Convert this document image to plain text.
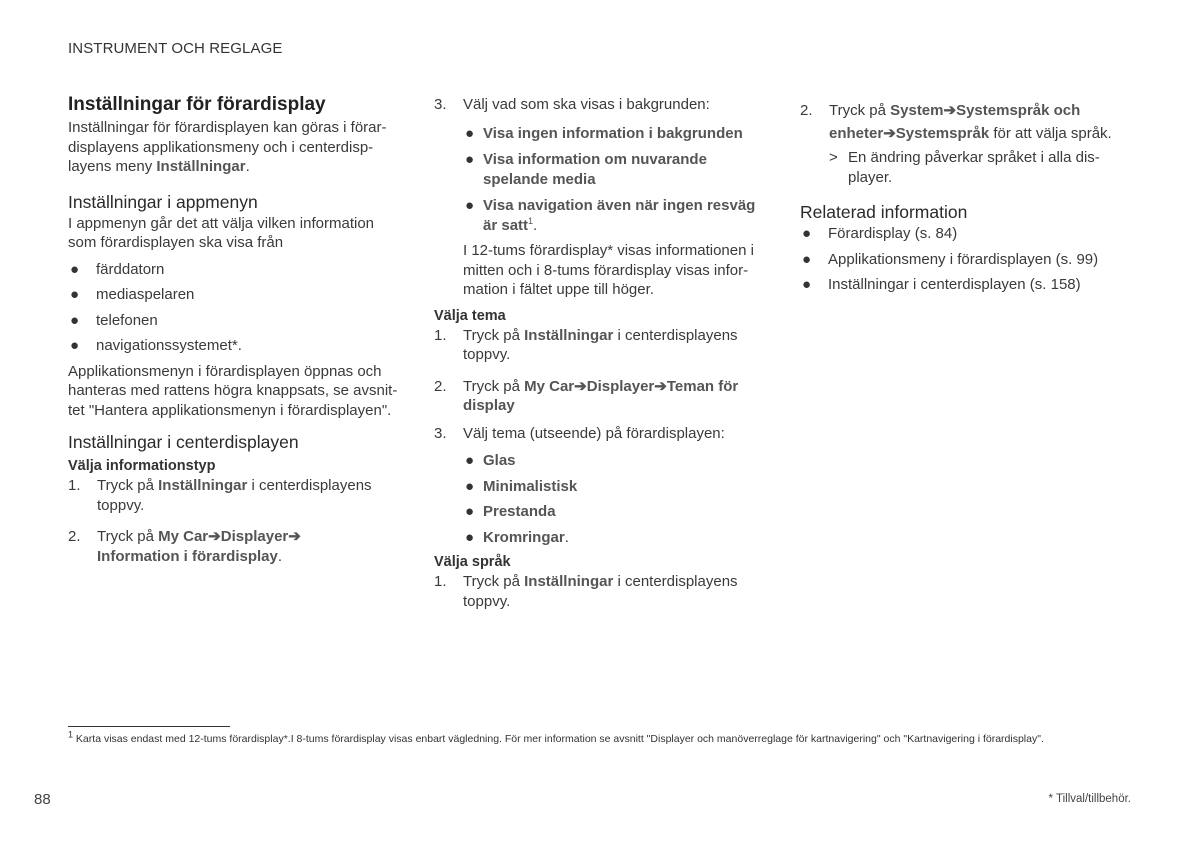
INSTRUMENT OCH REGLAGE
Inställningar för förardisplay

Inställningar för förardisplayen kan göras i förar-
displayens applikationsmeny och i centerdisp-
layens meny Inställningar.

Inställningar i appmenyn

I appmenyn går det att välja vilken information
som förardisplayen ska visa från

● färddatorn
● mediaspelaren
● telefonen
● navigationssystemet*.

Applikationsmenyn i förardisplayen öppnas och
hanteras med rattens högra knappsats, se avsnit-
tet "Hantera applikationsmenyn i förardisplayen".

Inställningar i centerdisplayen
Välja informationstyp
1. Tryck på Inställningar i centerdisplayens
toppvy.
2. Tryck på My Car➔Displayer➔
Information i förardisplay.
3. Välj vad som ska visas i bakgrunden:
● Visa ingen information i bakgrunden
● Visa information om nuvarande
spelande media
● Visa navigation även när ingen resväg
är satt$^1$.

I 12-tums förardisplay* visas informationen i
mitten och i 8-tums förardisplay visas infor-
mation i fältet uppe till höger.

Välja tema
1. Tryck på Inställningar i centerdisplayens
toppvy.
2. Tryck på My Car➔Displayer➔Teman för
display
3. Välj tema (utseende) på förardisplayen:
● Glas
● Minimalistisk
● Prestanda
● Kromringar.
Välja språk
1. Tryck på Inställningar i centerdisplayens
toppvy.
2. Tryck på System➔Systemspråk och
enheter➔Systemspråk för att välja språk.
> En ändring påverkar språket i alla dis-
player.
Relaterad information
● Förardisplay (s. 84)
● Applikationsmeny i förardisplayen (s. 99)
● Inställningar i centerdisplayen (s. 158)
$^1$ Karta visas endast med 12-tums förardisplay*.I 8-tums förardisplay visas enbart vägledning. För mer information se avsnitt "Displayer och manöverreglage för kartnavigering" och "Kartnavigering i förardisplay".
88	* Tillval/tillbehör.
